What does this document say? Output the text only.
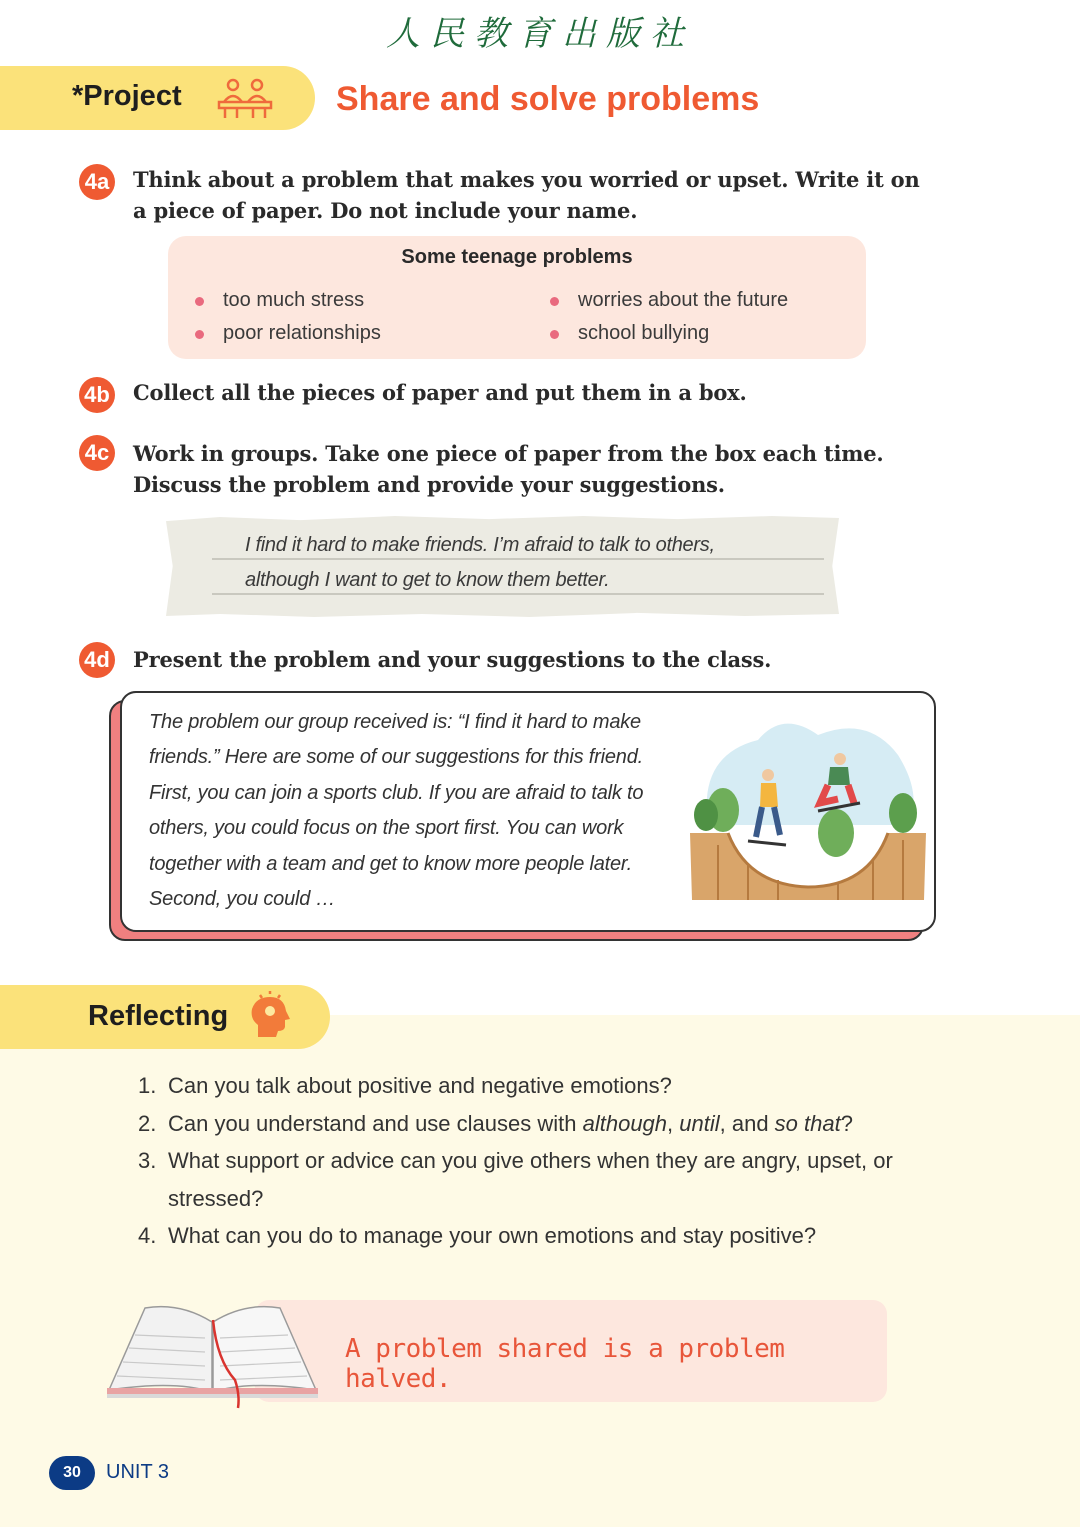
人民教育出版社
*Project	Share and solve problems
4a Think about a problem that makes you worried or upset. Write it on a piece of paper. Do not include your name.
Some teenage problems
too much stress	worries about the future
poor relationships	school bullying
4b Collect all the pieces of paper and put them in a box.
4c Work in groups. Take one piece of paper from the box each time. Discuss the problem and provide your suggestions.
I find it hard to make friends. I’m afraid to talk to others,
although I want to get to know them better.
4d Present the problem and your suggestions to the class.
The problem our group received is: “I find it hard to make friends.” Here are some of our suggestions for this friend. First, you can join a sports club. If you are afraid to talk to others, you could focus on the sport first. You can work together with a team and get to know more people later. Second, you could …
Reflecting
1. Can you talk about positive and negative emotions?
2. Can you understand and use clauses with although, until, and so that?
3. What support or advice can you give others when they are angry, upset, or stressed?
4. What can you do to manage your own emotions and stay positive?
A problem shared is a problem halved.
30	UNIT 3
